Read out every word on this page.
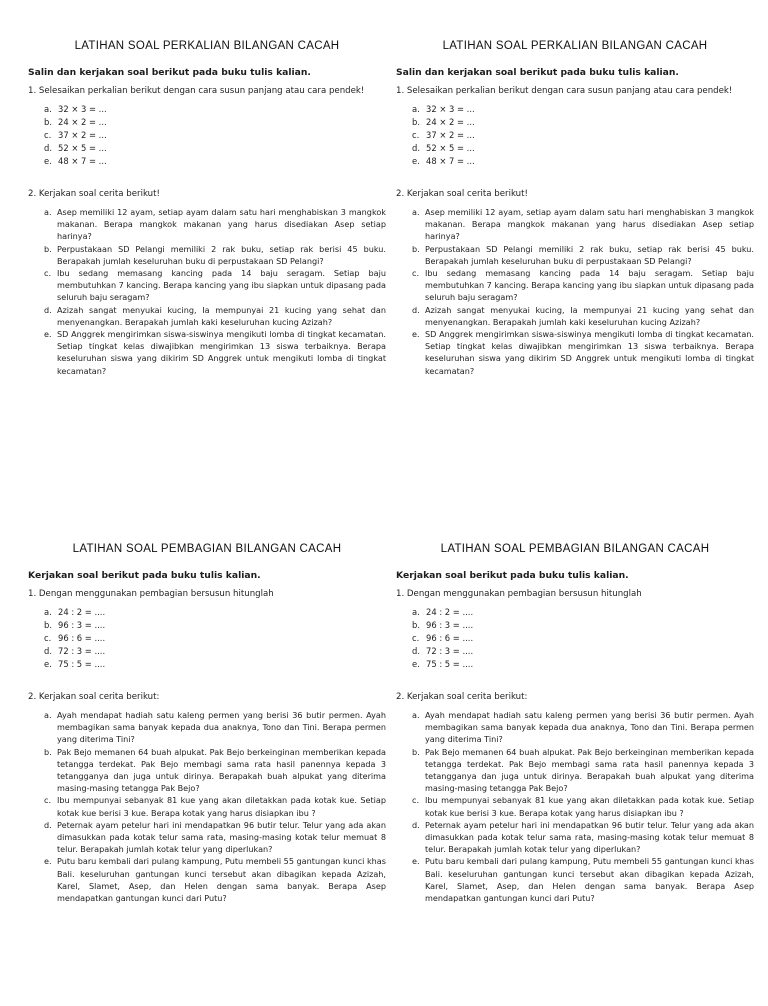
LATIHAN SOAL PERKALIAN BILANGAN CACAH
Salin dan kerjakan soal berikut pada buku tulis kalian.
1. Selesaikan perkalian berikut dengan cara susun panjang atau cara pendek!
a. 32 × 3 = ...
b. 24 × 2 = ...
c. 37 × 2 = ...
d. 52 × 5 = ...
e. 48 × 7 = ...
2. Kerjakan soal cerita berikut!
a. Asep memiliki 12 ayam, setiap ayam dalam satu hari menghabiskan 3 mangkok makanan. Berapa mangkok makanan yang harus disediakan Asep setiap harinya?
b. Perpustakaan SD Pelangi memiliki 2 rak buku, setiap rak berisi 45 buku. Berapakah jumlah keseluruhan buku di perpustakaan SD Pelangi?
c. Ibu sedang memasang kancing pada 14 baju seragam. Setiap baju membutuhkan 7 kancing. Berapa kancing yang ibu siapkan untuk dipasang pada seluruh baju seragam?
d. Azizah sangat menyukai kucing, Ia mempunyai 21 kucing yang sehat dan menyenangkan. Berapakah jumlah kaki keseluruhan kucing Azizah?
e. SD Anggrek mengirimkan siswa-siswinya mengikuti lomba di tingkat kecamatan. Setiap tingkat kelas diwajibkan mengirimkan 13 siswa terbaiknya. Berapa keseluruhan siswa yang dikirim SD Anggrek untuk mengikuti lomba di tingkat kecamatan?
LATIHAN SOAL PERKALIAN BILANGAN CACAH
Salin dan kerjakan soal berikut pada buku tulis kalian.
1. Selesaikan perkalian berikut dengan cara susun panjang atau cara pendek!
a. 32 × 3 = ...
b. 24 × 2 = ...
c. 37 × 2 = ...
d. 52 × 5 = ...
e. 48 × 7 = ...
2. Kerjakan soal cerita berikut!
a. Asep memiliki 12 ayam, setiap ayam dalam satu hari menghabiskan 3 mangkok makanan. Berapa mangkok makanan yang harus disediakan Asep setiap harinya?
b. Perpustakaan SD Pelangi memiliki 2 rak buku, setiap rak berisi 45 buku. Berapakah jumlah keseluruhan buku di perpustakaan SD Pelangi?
c. Ibu sedang memasang kancing pada 14 baju seragam. Setiap baju membutuhkan 7 kancing. Berapa kancing yang ibu siapkan untuk dipasang pada seluruh baju seragam?
d. Azizah sangat menyukai kucing, Ia mempunyai 21 kucing yang sehat dan menyenangkan. Berapakah jumlah kaki keseluruhan kucing Azizah?
e. SD Anggrek mengirimkan siswa-siswinya mengikuti lomba di tingkat kecamatan. Setiap tingkat kelas diwajibkan mengirimkan 13 siswa terbaiknya. Berapa keseluruhan siswa yang dikirim SD Anggrek untuk mengikuti lomba di tingkat kecamatan?
LATIHAN SOAL PEMBAGIAN BILANGAN CACAH
Kerjakan soal berikut pada buku tulis kalian.
1. Dengan menggunakan pembagian bersusun hitunglah
a. 24 : 2 = ....
b. 96 : 3 = ....
c. 96 : 6 = ....
d. 72 : 3 = ....
e. 75 : 5 = ....
2. Kerjakan soal cerita berikut:
a. Ayah mendapat hadiah satu kaleng permen yang berisi 36 butir permen. Ayah membagikan sama banyak kepada dua anaknya, Tono dan Tini. Berapa permen yang diterima Tini?
b. Pak Bejo memanen 64 buah alpukat. Pak Bejo berkeinginan memberikan kepada tetangga terdekat. Pak Bejo membagi sama rata hasil panennya kepada 3 tetangganya dan juga untuk dirinya. Berapakah buah alpukat yang diterima masing-masing tetangga Pak Bejo?
c. Ibu mempunyai sebanyak 81 kue yang akan diletakkan pada kotak kue. Setiap kotak kue berisi 3 kue. Berapa kotak yang harus disiapkan ibu ?
d. Peternak ayam petelur hari ini mendapatkan 96 butir telur. Telur yang ada akan dimasukkan pada kotak telur sama rata, masing-masing kotak telur memuat 8 telur. Berapakah jumlah kotak telur yang diperlukan?
e. Putu baru kembali dari pulang kampung, Putu membeli 55 gantungan kunci khas Bali. keseluruhan gantungan kunci tersebut akan dibagikan kepada Azizah, Karel, Slamet, Asep, dan Helen dengan sama banyak. Berapa Asep mendapatkan gantungan kunci dari Putu?
LATIHAN SOAL PEMBAGIAN BILANGAN CACAH
Kerjakan soal berikut pada buku tulis kalian.
1. Dengan menggunakan pembagian bersusun hitunglah
a. 24 : 2 = ....
b. 96 : 3 = ....
c. 96 : 6 = ....
d. 72 : 3 = ....
e. 75 : 5 = ....
2. Kerjakan soal cerita berikut:
a. Ayah mendapat hadiah satu kaleng permen yang berisi 36 butir permen. Ayah membagikan sama banyak kepada dua anaknya, Tono dan Tini. Berapa permen yang diterima Tini?
b. Pak Bejo memanen 64 buah alpukat. Pak Bejo berkeinginan memberikan kepada tetangga terdekat. Pak Bejo membagi sama rata hasil panennya kepada 3 tetangganya dan juga untuk dirinya. Berapakah buah alpukat yang diterima masing-masing tetangga Pak Bejo?
c. Ibu mempunyai sebanyak 81 kue yang akan diletakkan pada kotak kue. Setiap kotak kue berisi 3 kue. Berapa kotak yang harus disiapkan ibu ?
d. Peternak ayam petelur hari ini mendapatkan 96 butir telur. Telur yang ada akan dimasukkan pada kotak telur sama rata, masing-masing kotak telur memuat 8 telur. Berapakah jumlah kotak telur yang diperlukan?
e. Putu baru kembali dari pulang kampung, Putu membeli 55 gantungan kunci khas Bali. keseluruhan gantungan kunci tersebut akan dibagikan kepada Azizah, Karel, Slamet, Asep, dan Helen dengan sama banyak. Berapa Asep mendapatkan gantungan kunci dari Putu?
